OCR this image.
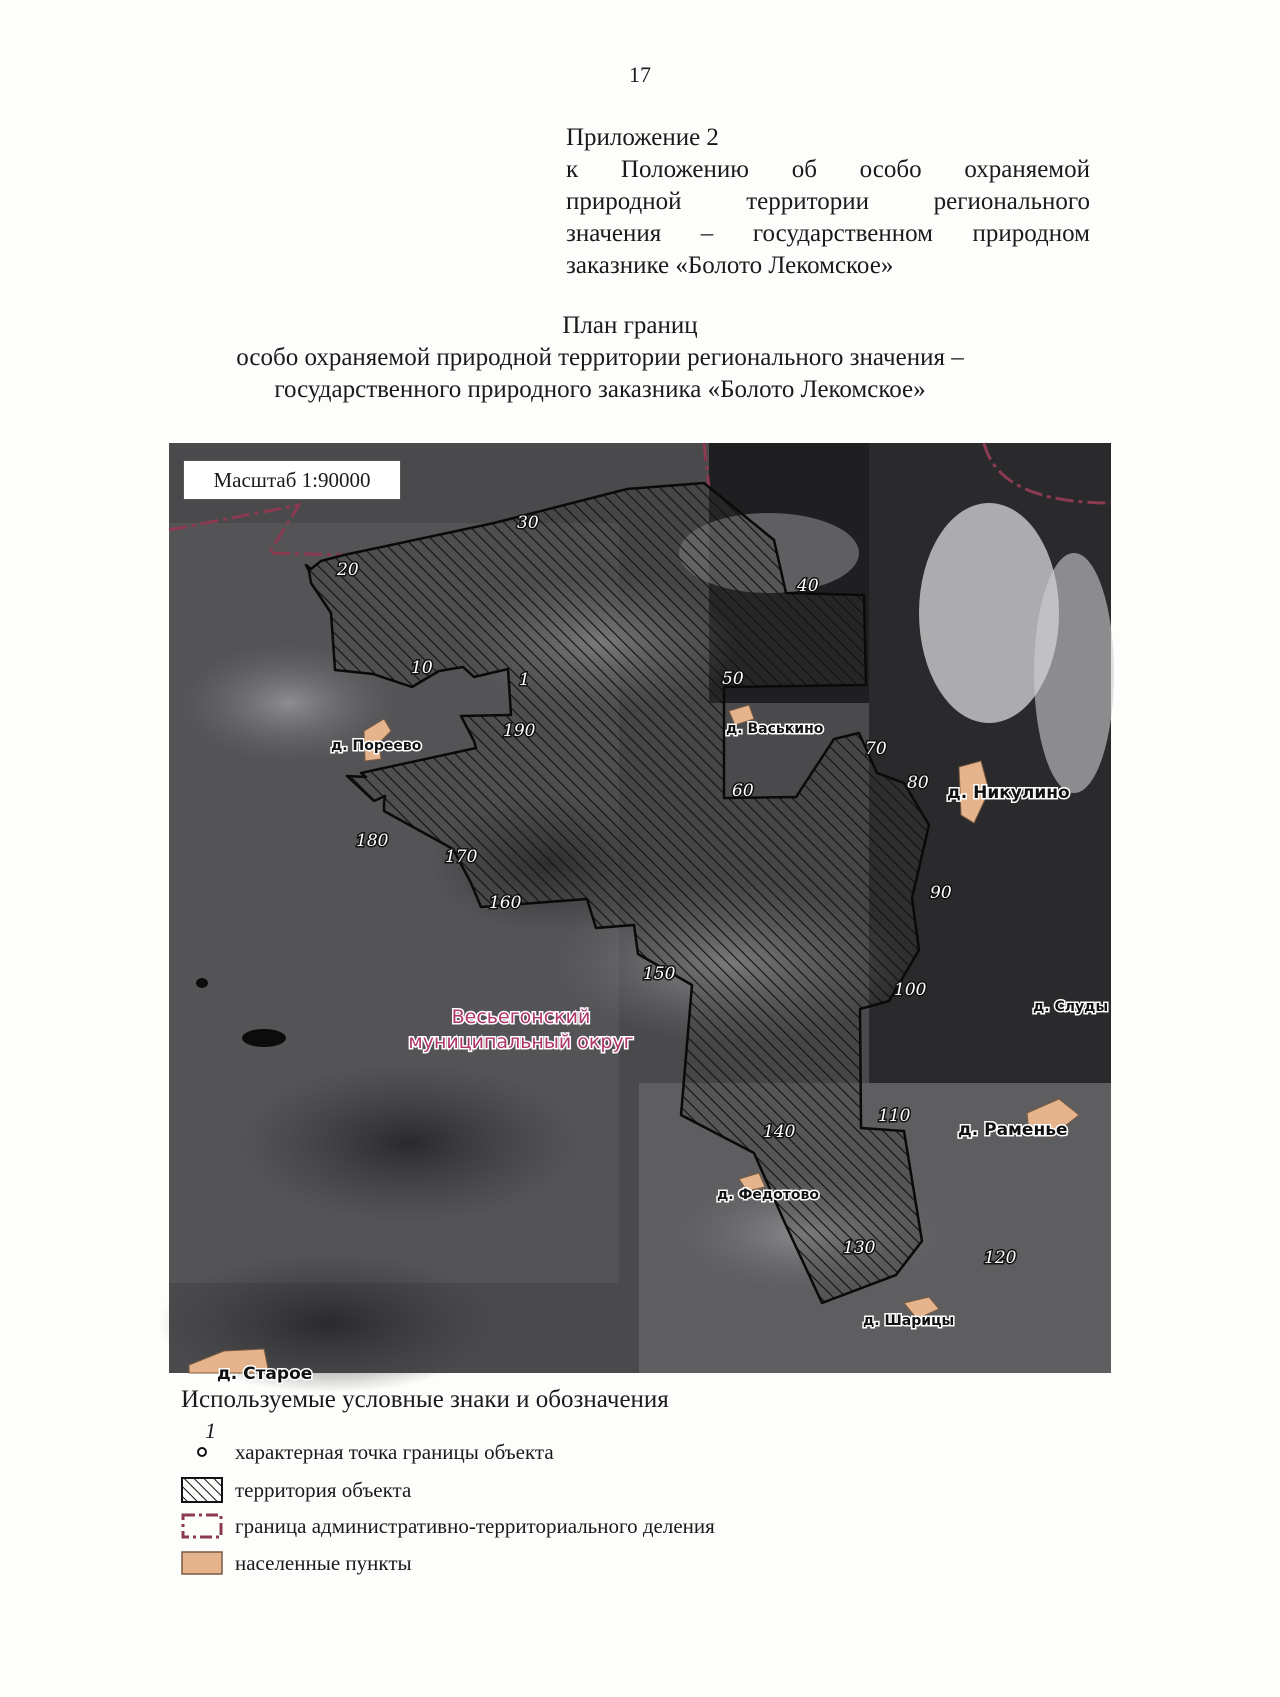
17
Приложение 2
к Положению об особо охраняемой
природной территории регионального
значения – государственном природном
заказнике «Болото Лекомское»
План границ
особо охраняемой природной территории регионального значения –
государственного природного заказника «Болото Лекомское»
Весьегонский
муниципальный округ
д. Пореево
д. Васькино
д. Никулино
д. Слуды
д. Раменье
д. Федотово
д. Шарицы
д. Старое
1
10
20
30
40
50
60
70
80
90
100
110
120
130
140
150
160
170
180
190
Масштаб 1:90000
Используемые условные знаки и обозначения
1
характерная точка границы объекта
территория объекта
граница административно-территориального деления
населенные пункты
